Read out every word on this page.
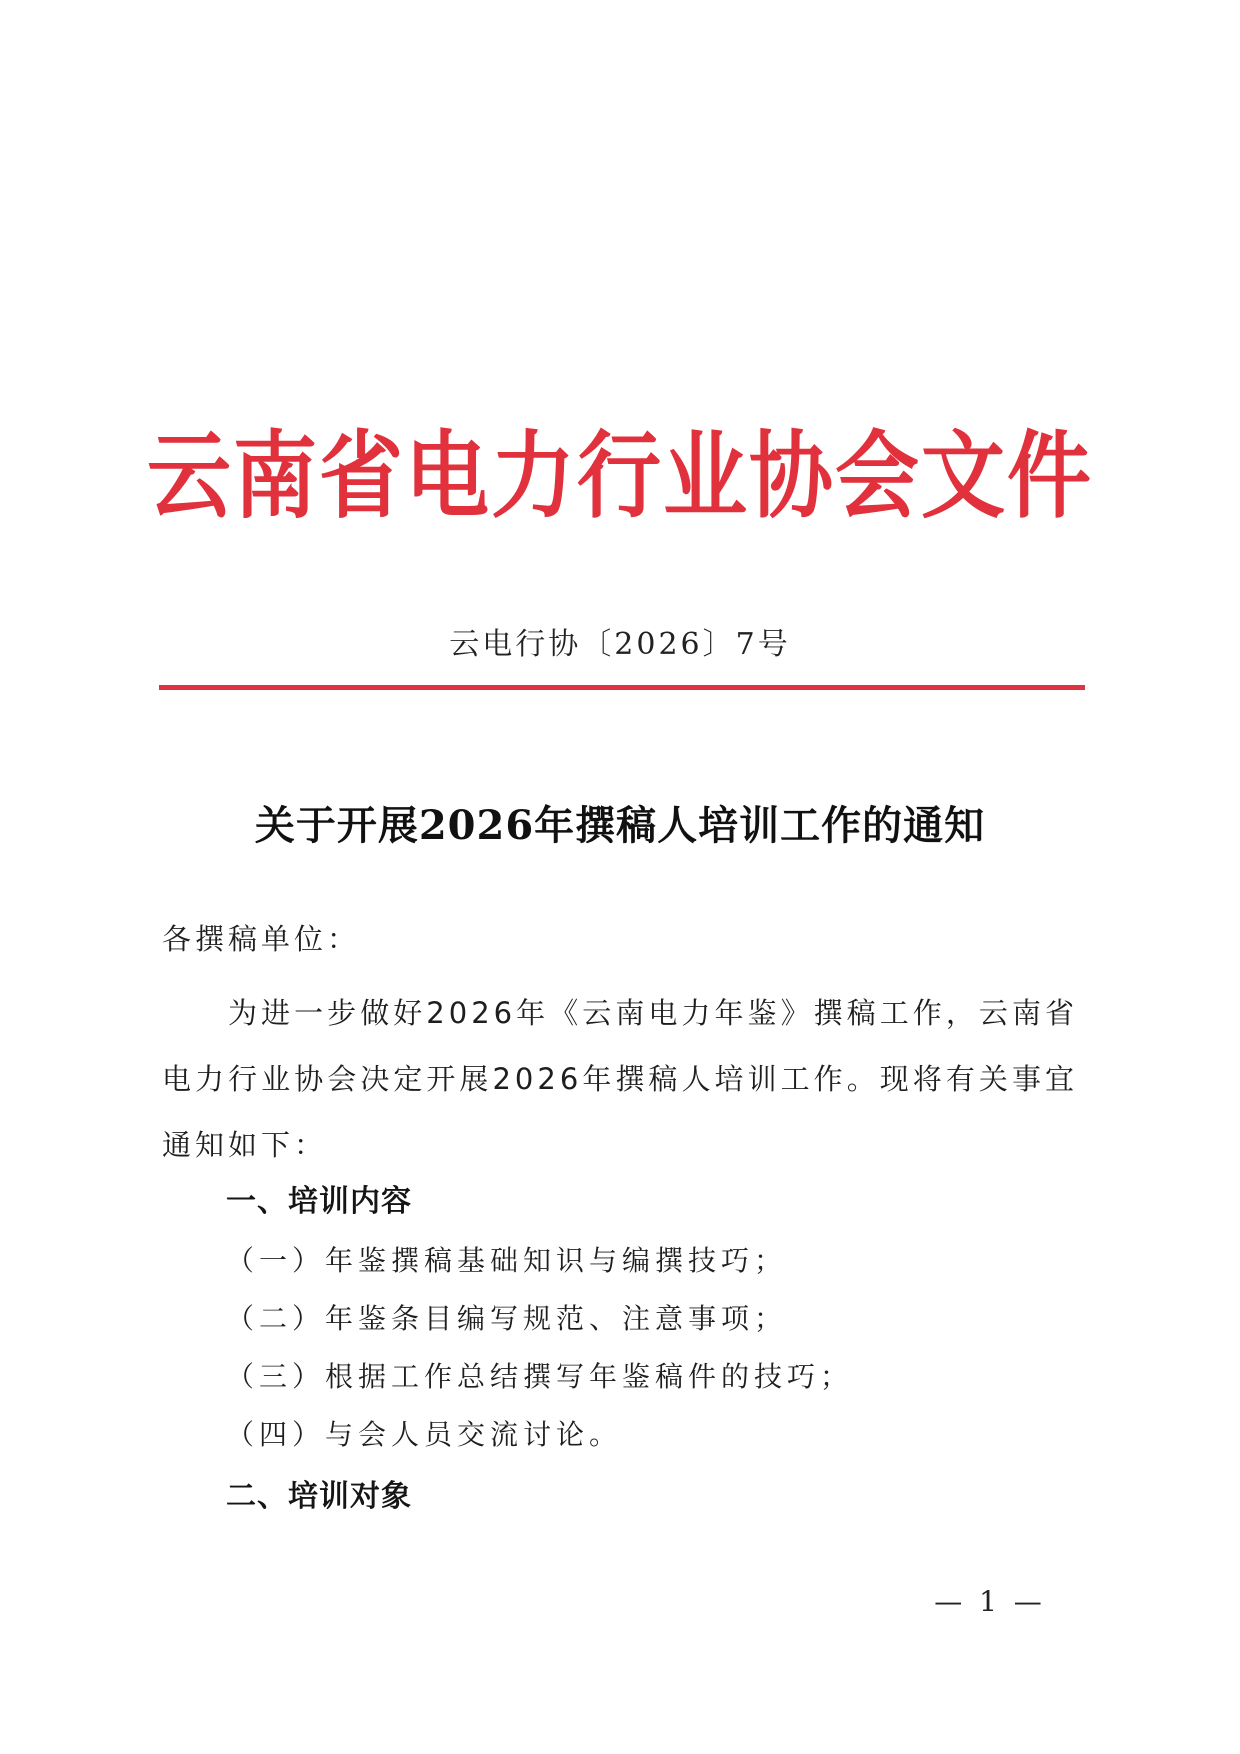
云南省电力行业协会文件
云电行协〔2026〕7号
关于开展2026年撰稿人培训工作的通知
各撰稿单位：
为进一步做好2026年《云南电力年鉴》撰稿工作，云南省电力行业协会决定开展2026年撰稿人培训工作。现将有关事宜通知如下：
一、培训内容
（一）年鉴撰稿基础知识与编撰技巧；
（二）年鉴条目编写规范、注意事项；
（三）根据工作总结撰写年鉴稿件的技巧；
（四）与会人员交流讨论。
二、培训对象
— 1 —
